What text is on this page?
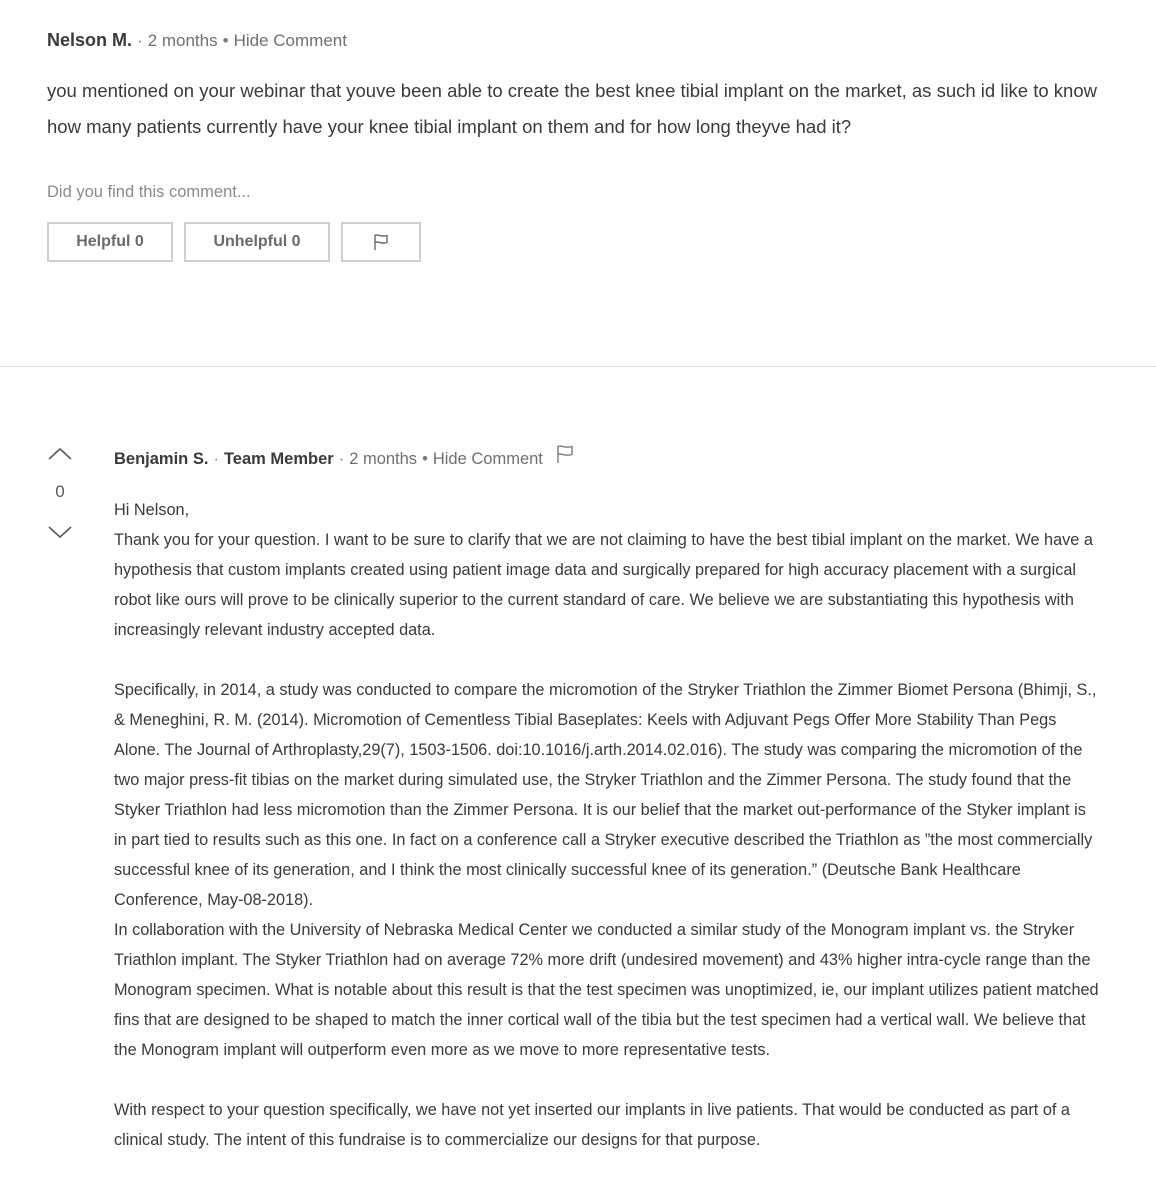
Nelson M. · 2 months • Hide Comment
you mentioned on your webinar that youve been able to create the best knee tibial implant on the market, as such id like to know how many patients currently have your knee tibial implant on them and for how long theyve had it?
Did you find this comment...
Helpful 0	Unhelpful 0
0
Benjamin S. · Team Member · 2 months • Hide Comment

Hi Nelson,

Thank you for your question. I want to be sure to clarify that we are not claiming to have the best tibial implant on the market. We have a hypothesis that custom implants created using patient image data and surgically prepared for high accuracy placement with a surgical robot like ours will prove to be clinically superior to the current standard of care. We believe we are substantiating this hypothesis with increasingly relevant industry accepted data.

Specifically, in 2014, a study was conducted to compare the micromotion of the Stryker Triathlon the Zimmer Biomet Persona (Bhimji, S., & Meneghini, R. M. (2014). Micromotion of Cementless Tibial Baseplates: Keels with Adjuvant Pegs Offer More Stability Than Pegs Alone. The Journal of Arthroplasty,29(7), 1503-1506. doi:10.1016/j.arth.2014.02.016). The study was comparing the micromotion of the two major press-fit tibias on the market during simulated use, the Stryker Triathlon and the Zimmer Persona. The study found that the Styker Triathlon had less micromotion than the Zimmer Persona. It is our belief that the market out-performance of the Styker implant is in part tied to results such as this one. In fact on a conference call a Stryker executive described the Triathlon as ”the most commercially successful knee of its generation, and I think the most clinically successful knee of its generation.” (Deutsche Bank Healthcare Conference, May-08-2018).

In collaboration with the University of Nebraska Medical Center we conducted a similar study of the Monogram implant vs. the Stryker Triathlon implant. The Styker Triathlon had on average 72% more drift (undesired movement) and 43% higher intra-cycle range than the Monogram specimen. What is notable about this result is that the test specimen was unoptimized, ie, our implant utilizes patient matched fins that are designed to be shaped to match the inner cortical wall of the tibia but the test specimen had a vertical wall. We believe that the Monogram implant will outperform even more as we move to more representative tests.

With respect to your question specifically, we have not yet inserted our implants in live patients. That would be conducted as part of a clinical study. The intent of this fundraise is to commercialize our designs for that purpose.
